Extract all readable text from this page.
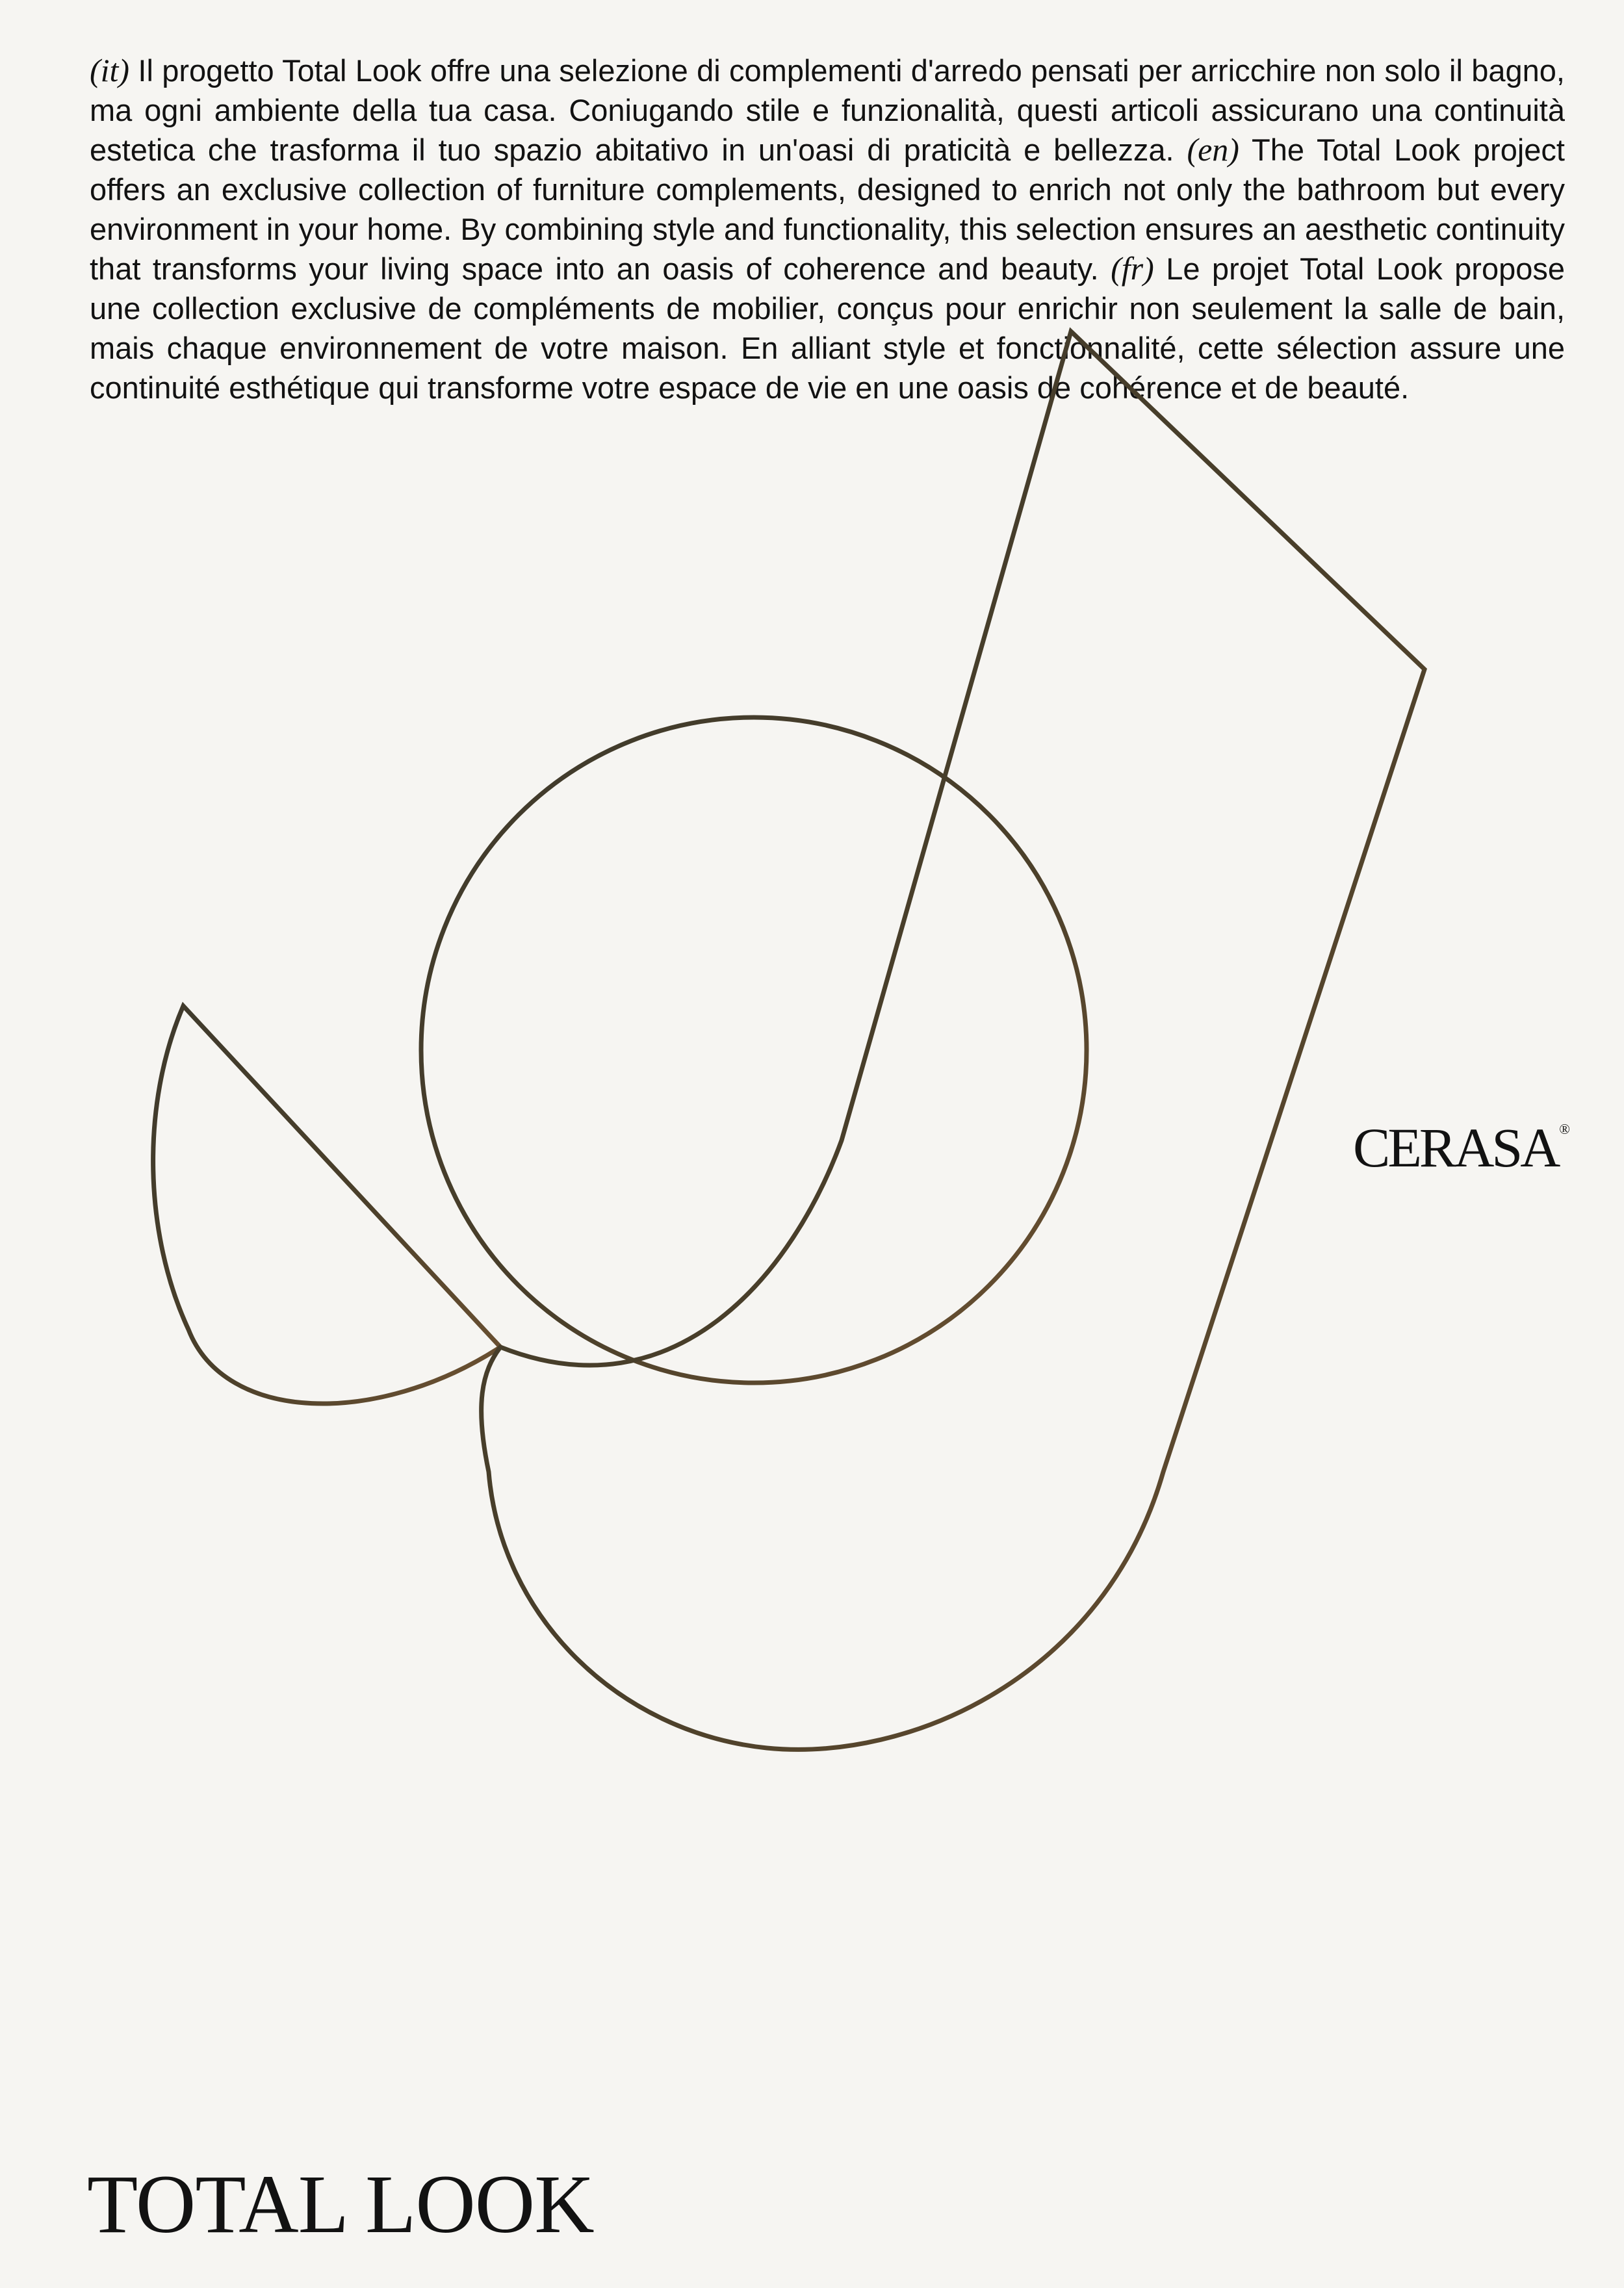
(it) Il progetto Total Look offre una selezione di complementi d'arredo pensati per arricchire non solo il bagno, ma ogni ambiente della tua casa. Coniugando stile e funzionalità, questi articoli assicurano una continuità estetica che trasforma il tuo spazio abitativo in un'oasi di praticità e bellezza. (en) The Total Look project offers an exclusive collection of furniture complements, designed to enrich not only the bathroom but every environment in your home. By combining style and functionality, this selection ensures an aesthetic continuity that transforms your living space into an oasis of coherence and beauty. (fr) Le projet Total Look propose une collection exclusive de compléments de mobilier, conçus pour enrichir non seulement la salle de bain, mais chaque environnement de votre maison. En alliant style et fonctionnalité, cette sélection assure une continuité esthétique qui transforme votre espace de vie en une oasis de cohérence et de beauté.

CERASA®
TOTAL LOOK
